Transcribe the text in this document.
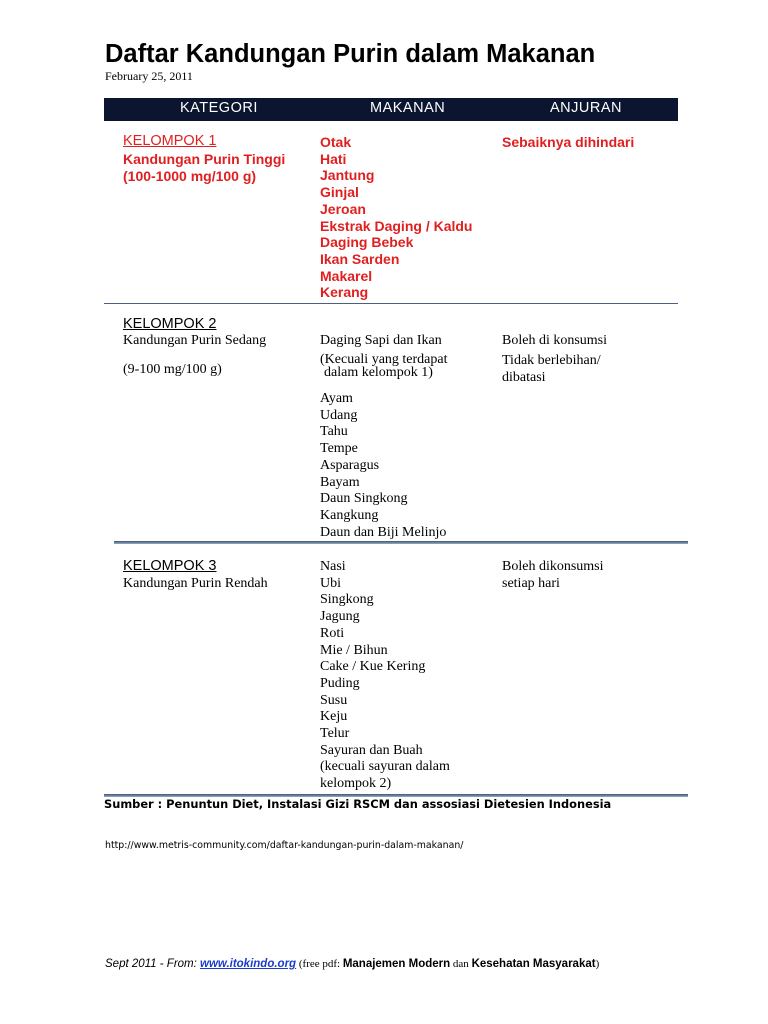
Daftar Kandungan Purin dalam Makanan
February 25, 2011
KATEGORI	MAKANAN	ANJURAN
KELOMPOK 1
Kandungan Purin Tinggi
(100-1000 mg/100 g)
Otak
Hati
Jantung
Ginjal
Jeroan
Ekstrak Daging / Kaldu
Daging Bebek
Ikan Sarden
Makarel
Kerang
Sebaiknya dihindari
KELOMPOK 2
Kandungan Purin Sedang
(9-100 mg/100 g)
Daging Sapi dan Ikan
(Kecuali yang terdapat
dalam kelompok 1)
Ayam
Udang
Tahu
Tempe
Asparagus
Bayam
Daun Singkong
Kangkung
Daun dan Biji Melinjo
Boleh di konsumsi
Tidak berlebihan/
dibatasi
KELOMPOK 3
Kandungan Purin Rendah
Nasi
Ubi
Singkong
Jagung
Roti
Mie / Bihun
Cake / Kue Kering
Puding
Susu
Keju
Telur
Sayuran dan Buah
(kecuali sayuran dalam
kelompok 2)
Boleh dikonsumsi
setiap hari
Sumber : Penuntun Diet, Instalasi Gizi RSCM dan assosiasi Dietesien Indonesia
http://www.metris-community.com/daftar-kandungan-purin-dalam-makanan/
Sept 2011 - From: www.itokindo.org (free pdf: Manajemen Modern dan Kesehatan Masyarakat)
